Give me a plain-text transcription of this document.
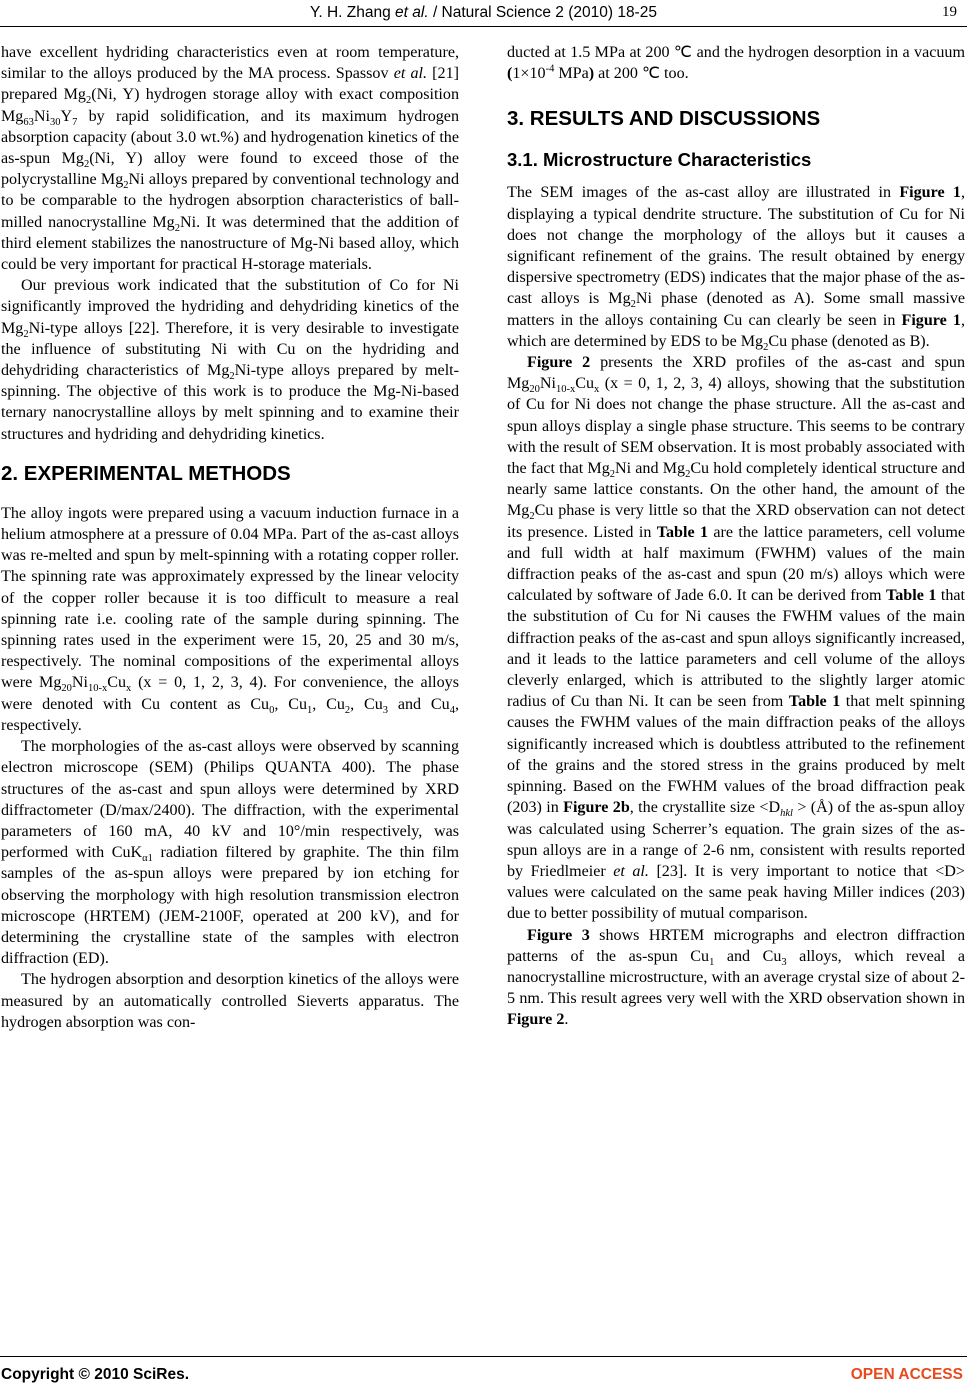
Y. H. Zhang et al. / Natural Science 2 (2010) 18-25	19

have excellent hydriding characteristics even at room temperature, similar to the alloys produced by the MA process. Spassov et al. [21] prepared $Mg_2(Ni$, Y) hydrogen storage alloy with exact composition $Mg_{63}Ni_{30}Y_7$ by rapid solidification, and its maximum hydrogen absorption capacity (about 3.0 wt.%) and hydrogenation kinetics of the as-spun $Mg_2(Ni$, Y) alloy were found to exceed those of the polycrystalline $Mg_2Ni$ alloys prepared by conventional technology and to be comparable to the hydrogen absorption characteristics of ball-milled nanocrystalline $Mg_2Ni$. It was determined that the addition of third element stabilizes the nanostructure of Mg-Ni based alloy, which could be very important for practical H-storage materials.

Our previous work indicated that the substitution of Co for Ni significantly improved the hydriding and dehydriding kinetics of the $Mg_2Ni$-type alloys [22]. Therefore, it is very desirable to investigate the influence of substituting Ni with Cu on the hydriding and dehydriding characteristics of $Mg_2Ni$-type alloys prepared by melt-spinning. The objective of this work is to produce the Mg-Ni-based ternary nanocrystalline alloys by melt spinning and to examine their structures and hydriding and dehydriding kinetics.

2. EXPERIMENTAL METHODS

The alloy ingots were prepared using a vacuum induction furnace in a helium atmosphere at a pressure of 0.04 MPa. Part of the as-cast alloys was re-melted and spun by melt-spinning with a rotating copper roller. The spinning rate was approximately expressed by the linear velocity of the copper roller because it is too difficult to measure a real spinning rate i.e. cooling rate of the sample during spinning. The spinning rates used in the experiment were 15, 20, 25 and 30 m/s, respectively. The nominal compositions of the experimental alloys were $Mg_{20}Ni_{10-x}Cu_x$ (x = 0, 1, 2, 3, 4). For convenience, the alloys were denoted with Cu content as $Cu_0$, $Cu_1$, $Cu_2$, $Cu_3$ and $Cu_4$, respectively.

The morphologies of the as-cast alloys were observed by scanning electron microscope (SEM) (Philips QUANTA 400). The phase structures of the as-cast and spun alloys were determined by XRD diffractometer (D/max/2400). The diffraction, with the experimental parameters of 160 mA, 40 kV and 10°/min respectively, was performed with CuK$_{\alpha 1}$ radiation filtered by graphite. The thin film samples of the as-spun alloys were prepared by ion etching for observing the morphology with high resolution transmission electron microscope (HRTEM) (JEM-2100F, operated at 200 kV), and for determining the crystalline state of the samples with electron diffraction (ED).

The hydrogen absorption and desorption kinetics of the alloys were measured by an automatically controlled Sieverts apparatus. The hydrogen absorption was con-

ducted at 1.5 MPa at 200 ℃ and the hydrogen desorption in a vacuum ($1\times 10^{-4}$ MPa) at 200 ℃ too.

3. RESULTS AND DISCUSSIONS
3.1. Microstructure Characteristics

The SEM images of the as-cast alloy are illustrated in Figure 1, displaying a typical dendrite structure. The substitution of Cu for Ni does not change the morphology of the alloys but it causes a significant refinement of the grains. The result obtained by energy dispersive spectrometry (EDS) indicates that the major phase of the as-cast alloys is $Mg_2Ni$ phase (denoted as A). Some small massive matters in the alloys containing Cu can clearly be seen in Figure 1, which are determined by EDS to be $Mg_2Cu$ phase (denoted as B).

Figure 2 presents the XRD profiles of the as-cast and spun $Mg_{20}Ni_{10-x}Cu_x$ (x = 0, 1, 2, 3, 4) alloys, showing that the substitution of Cu for Ni does not change the phase structure. All the as-cast and spun alloys display a single phase structure. This seems to be contrary with the result of SEM observation. It is most probably associated with the fact that $Mg_2Ni$ and $Mg_2Cu$ hold completely identical structure and nearly same lattice constants. On the other hand, the amount of the $Mg_2Cu$ phase is very little so that the XRD observation can not detect its presence. Listed in Table 1 are the lattice parameters, cell volume and full width at half maximum (FWHM) values of the main diffraction peaks of the as-cast and spun (20 m/s) alloys which were calculated by software of Jade 6.0. It can be derived from Table 1 that the substitution of Cu for Ni causes the FWHM values of the main diffraction peaks of the as-cast and spun alloys significantly increased, and it leads to the lattice parameters and cell volume of the alloys cleverly enlarged, which is attributed to the slightly larger atomic radius of Cu than Ni. It can be seen from Table 1 that melt spinning causes the FWHM values of the main diffraction peaks of the alloys significantly increased which is doubtless attributed to the refinement of the grains and the stored stress in the grains produced by melt spinning. Based on the FWHM values of the broad diffraction peak (203) in Figure 2b, the crystallite size $<D_{hkl}$ > (Å) of the as-spun alloy was calculated using Scherrer’s equation. The grain sizes of the as-spun alloys are in a range of 2-6 nm, consistent with results reported by Friedlmeier et al. [23]. It is very important to notice that <D> values were calculated on the same peak having Miller indices (203) due to better possibility of mutual comparison.

Figure 3 shows HRTEM micrographs and electron diffraction patterns of the as-spun $Cu_1$ and $Cu_3$ alloys, which reveal a nanocrystalline microstructure, with an average crystal size of about 2-5 nm. This result agrees very well with the XRD observation shown in Figure 2.

Copyright © 2010 SciRes.	OPEN ACCESS
